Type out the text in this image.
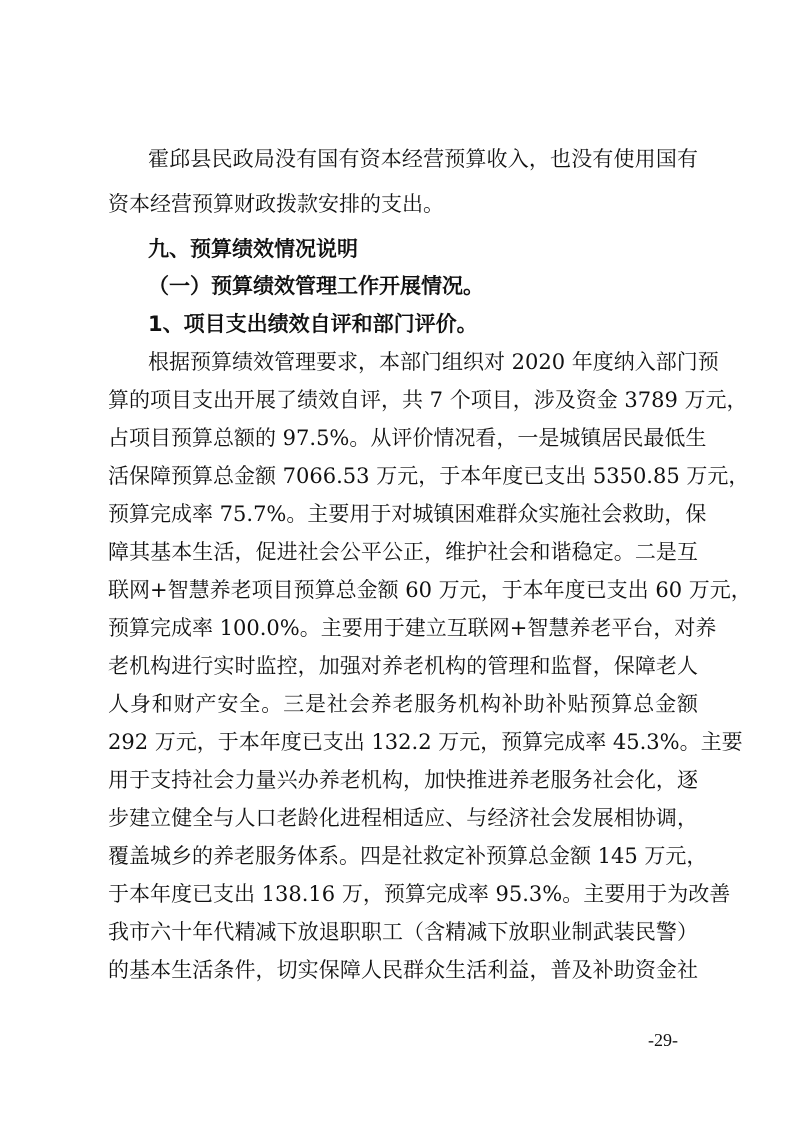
霍邱县民政局没有国有资本经营预算收入，也没有使用国有
资本经营预算财政拨款安排的支出。
九、预算绩效情况说明
（一）预算绩效管理工作开展情况。
1、项目支出绩效自评和部门评价。
根据预算绩效管理要求，本部门组织对 2020 年度纳入部门预
算的项目支出开展了绩效自评，共 7 个项目，涉及资金 3789 万元，
占项目预算总额的 97.5%。从评价情况看，一是城镇居民最低生
活保障预算总金额 7066.53 万元，于本年度已支出 5350.85 万元，
预算完成率 75.7%。主要用于对城镇困难群众实施社会救助，保
障其基本生活，促进社会公平公正，维护社会和谐稳定。二是互
联网+智慧养老项目预算总金额 60 万元，于本年度已支出 60 万元，
预算完成率 100.0%。主要用于建立互联网+智慧养老平台，对养
老机构进行实时监控，加强对养老机构的管理和监督，保障老人
人身和财产安全。三是社会养老服务机构补助补贴预算总金额
292 万元，于本年度已支出 132.2 万元，预算完成率 45.3%。主要
用于支持社会力量兴办养老机构，加快推进养老服务社会化，逐
步建立健全与人口老龄化进程相适应、与经济社会发展相协调，
覆盖城乡的养老服务体系。四是社救定补预算总金额 145 万元，
于本年度已支出 138.16 万，预算完成率 95.3%。主要用于为改善
我市六十年代精减下放退职职工（含精减下放职业制武装民警）
的基本生活条件，切实保障人民群众生活利益，普及补助资金社
-29-
